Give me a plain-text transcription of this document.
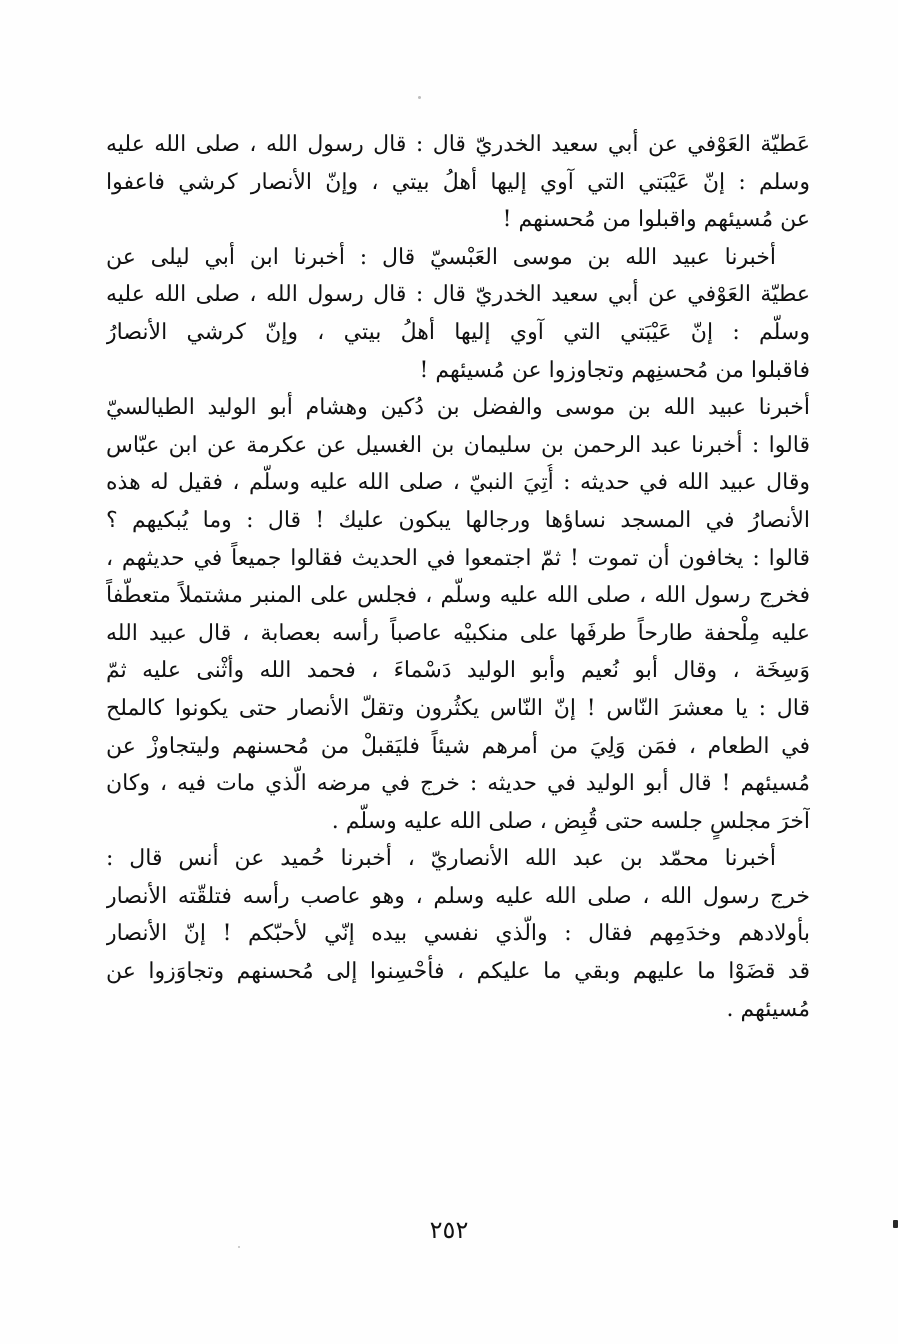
عَطيّة العَوْفي عن أبي سعيد الخدريّ قال : قال رسول الله ، صلى الله عليه
وسلم : إنّ عَيْبَتي التي آوي إليها أهلُ بيتي ، وإنّ الأنصار كرشي فاعفوا
عن مُسيئهم واقبلوا من مُحسنهم !
أخبرنا عبيد الله بن موسى العَبْسيّ قال : أخبرنا ابن أبي ليلى عن
عطيّة العَوْفي عن أبي سعيد الخدريّ قال : قال رسول الله ، صلى الله عليه
وسلّم : إنّ عَيْبَتي التي آوي إليها أهلُ بيتي ، وإنّ كرشي الأنصارُ
فاقبلوا من مُحسنِهم وتجاوزوا عن مُسيئهم !
أخبرنا عبيد الله بن موسى والفضل بن دُكين وهشام أبو الوليد الطيالسيّ
قالوا : أخبرنا عبد الرحمن بن سليمان بن الغسيل عن عكرمة عن ابن عبّاس
وقال عبيد الله في حديثه : أُتِيَ النبيّ ، صلى الله عليه وسلّم ، فقيل له هذه
الأنصارُ في المسجد نساؤها ورجالها يبكون عليك ! قال : وما يُبكيهم ؟
قالوا : يخافون أن تموت ! ثمّ اجتمعوا في الحديث فقالوا جميعاً في حديثهم ،
فخرج رسول الله ، صلى الله عليه وسلّم ، فجلس على المنبر مشتملاً متعطّفاً
عليه مِلْحفة طارحاً طرفَها على منكبيْه عاصباً رأسه بعصابة ، قال عبيد الله
وَسِخَة ، وقال أبو نُعيم وأبو الوليد دَسْماءَ ، فحمد الله وأثْنى عليه ثمّ
قال : يا معشرَ النّاس ! إنّ النّاس يكثُرون وتقلّ الأنصار حتى يكونوا كالملح
في الطعام ، فمَن وَلِيَ من أمرهم شيئاً فليَقبلْ من مُحسنهم وليتجاوزْ عن
مُسيئهم ! قال أبو الوليد في حديثه : خرج في مرضه الّذي مات فيه ، وكان
آخرَ مجلسٍ جلسه حتى قُبِض ، صلى الله عليه وسلّم .
أخبرنا محمّد بن عبد الله الأنصاريّ ، أخبرنا حُميد عن أنس قال :
خرج رسول الله ، صلى الله عليه وسلم ، وهو عاصب رأسه فتلقّته الأنصار
بأولادهم وخدَمِهم فقال : والّذي نفسي بيده إنّي لأحبّكم ! إنّ الأنصار
قد قضَوْا ما عليهم وبقي ما عليكم ، فأحْسِنوا إلى مُحسنهم وتجاوَزوا عن
مُسيئهم .
٢٥٢
